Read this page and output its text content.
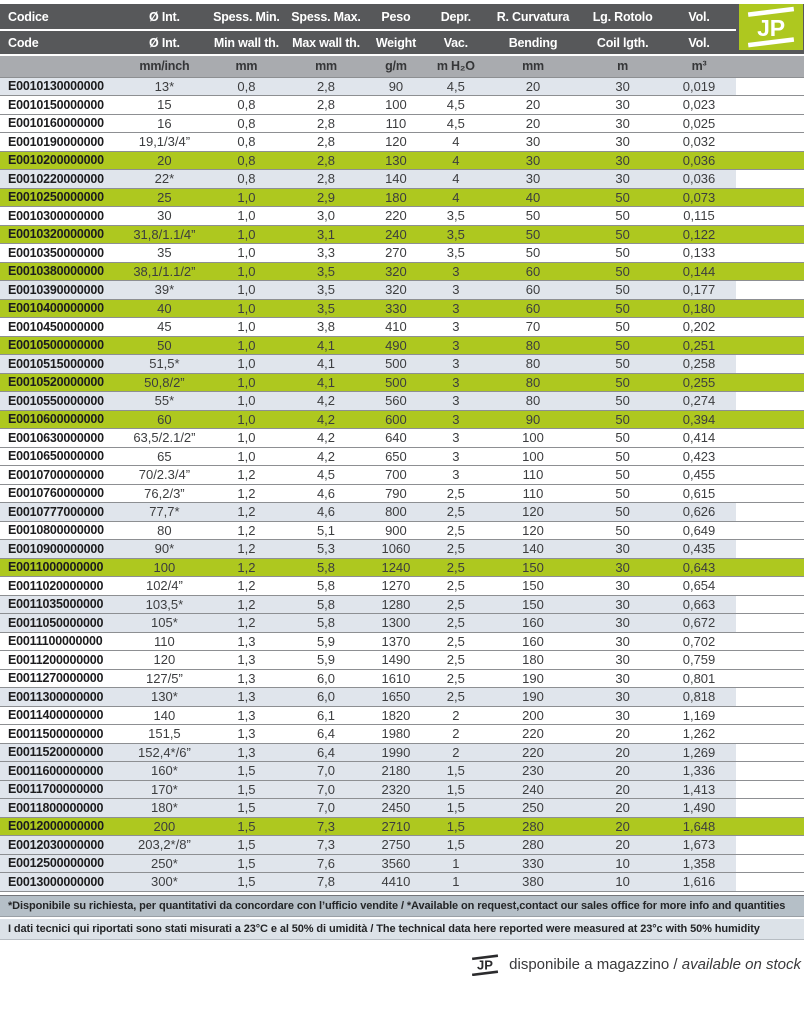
Codice	Ø Int.	Spess. Min.	Spess. Max.	Peso	Depr.	R. Curvatura	Lg. Rotolo	Vol.	JP

Code	Ø Int.	Min wall th.	Max wall th.	Weight	Vac.	Bending	Coil lgth.	Vol.	
	mm/inch	mm	mm	g/m	m H₂O	mm	m	m³	
E0010130000000	13*	0,8	2,8	90	4,5	20	30	0,019	
E0010150000000	15	0,8	2,8	100	4,5	20	30	0,023	
E0010160000000	16	0,8	2,8	110	4,5	20	30	0,025	
E0010190000000	19,1/3/4”	0,8	2,8	120	4	30	30	0,032	
E0010200000000	20	0,8	2,8	130	4	30	30	0,036	
E0010220000000	22*	0,8	2,8	140	4	30	30	0,036	
E0010250000000	25	1,0	2,9	180	4	40	50	0,073	
E0010300000000	30	1,0	3,0	220	3,5	50	50	0,115	
E0010320000000	31,8/1.1/4”	1,0	3,1	240	3,5	50	50	0,122	
E0010350000000	35	1,0	3,3	270	3,5	50	50	0,133	
E0010380000000	38,1/1.1/2”	1,0	3,5	320	3	60	50	0,144	
E0010390000000	39*	1,0	3,5	320	3	60	50	0,177	
E0010400000000	40	1,0	3,5	330	3	60	50	0,180	
E0010450000000	45	1,0	3,8	410	3	70	50	0,202	
E0010500000000	50	1,0	4,1	490	3	80	50	0,251	
E0010515000000	51,5*	1,0	4,1	500	3	80	50	0,258	
E0010520000000	50,8/2”	1,0	4,1	500	3	80	50	0,255	
E0010550000000	55*	1,0	4,2	560	3	80	50	0,274	
E0010600000000	60	1,0	4,2	600	3	90	50	0,394	
E0010630000000	63,5/2.1/2”	1,0	4,2	640	3	100	50	0,414	
E0010650000000	65	1,0	4,2	650	3	100	50	0,423	
E0010700000000	70/2.3/4”	1,2	4,5	700	3	110	50	0,455	
E0010760000000	76,2/3”	1,2	4,6	790	2,5	110	50	0,615	
E0010777000000	77,7*	1,2	4,6	800	2,5	120	50	0,626	
E0010800000000	80	1,2	5,1	900	2,5	120	50	0,649	
E0010900000000	90*	1,2	5,3	1060	2,5	140	30	0,435	
E0011000000000	100	1,2	5,8	1240	2,5	150	30	0,643	
E0011020000000	102/4”	1,2	5,8	1270	2,5	150	30	0,654	
E0011035000000	103,5*	1,2	5,8	1280	2,5	150	30	0,663	
E0011050000000	105*	1,2	5,8	1300	2,5	160	30	0,672	
E0011100000000	110	1,3	5,9	1370	2,5	160	30	0,702	
E0011200000000	120	1,3	5,9	1490	2,5	180	30	0,759	
E0011270000000	127/5”	1,3	6,0	1610	2,5	190	30	0,801	
E0011300000000	130*	1,3	6,0	1650	2,5	190	30	0,818	
E0011400000000	140	1,3	6,1	1820	2	200	30	1,169	
E0011500000000	151,5	1,3	6,4	1980	2	220	20	1,262	
E0011520000000	152,4*/6”	1,3	6,4	1990	2	220	20	1,269	
E0011600000000	160*	1,5	7,0	2180	1,5	230	20	1,336	
E0011700000000	170*	1,5	7,0	2320	1,5	240	20	1,413	
E0011800000000	180*	1,5	7,0	2450	1,5	250	20	1,490	
E0012000000000	200	1,5	7,3	2710	1,5	280	20	1,648	
E0012030000000	203,2*/8”	1,5	7,3	2750	1,5	280	20	1,673	
E0012500000000	250*	1,5	7,6	3560	1	330	10	1,358	
E0013000000000	300*	1,5	7,8	4410	1	380	10	1,616	
*Disponibile su richiesta, per quantitativi da concordare con l’ufficio vendite / *Available on request,contact our sales office for more info and quantities
I dati tecnici qui riportati sono stati misurati a 23°C e al 50% di umidità / The technical data here reported were measured at 23°c with 50% humidity
JP disponibile a magazzino / available on stock
